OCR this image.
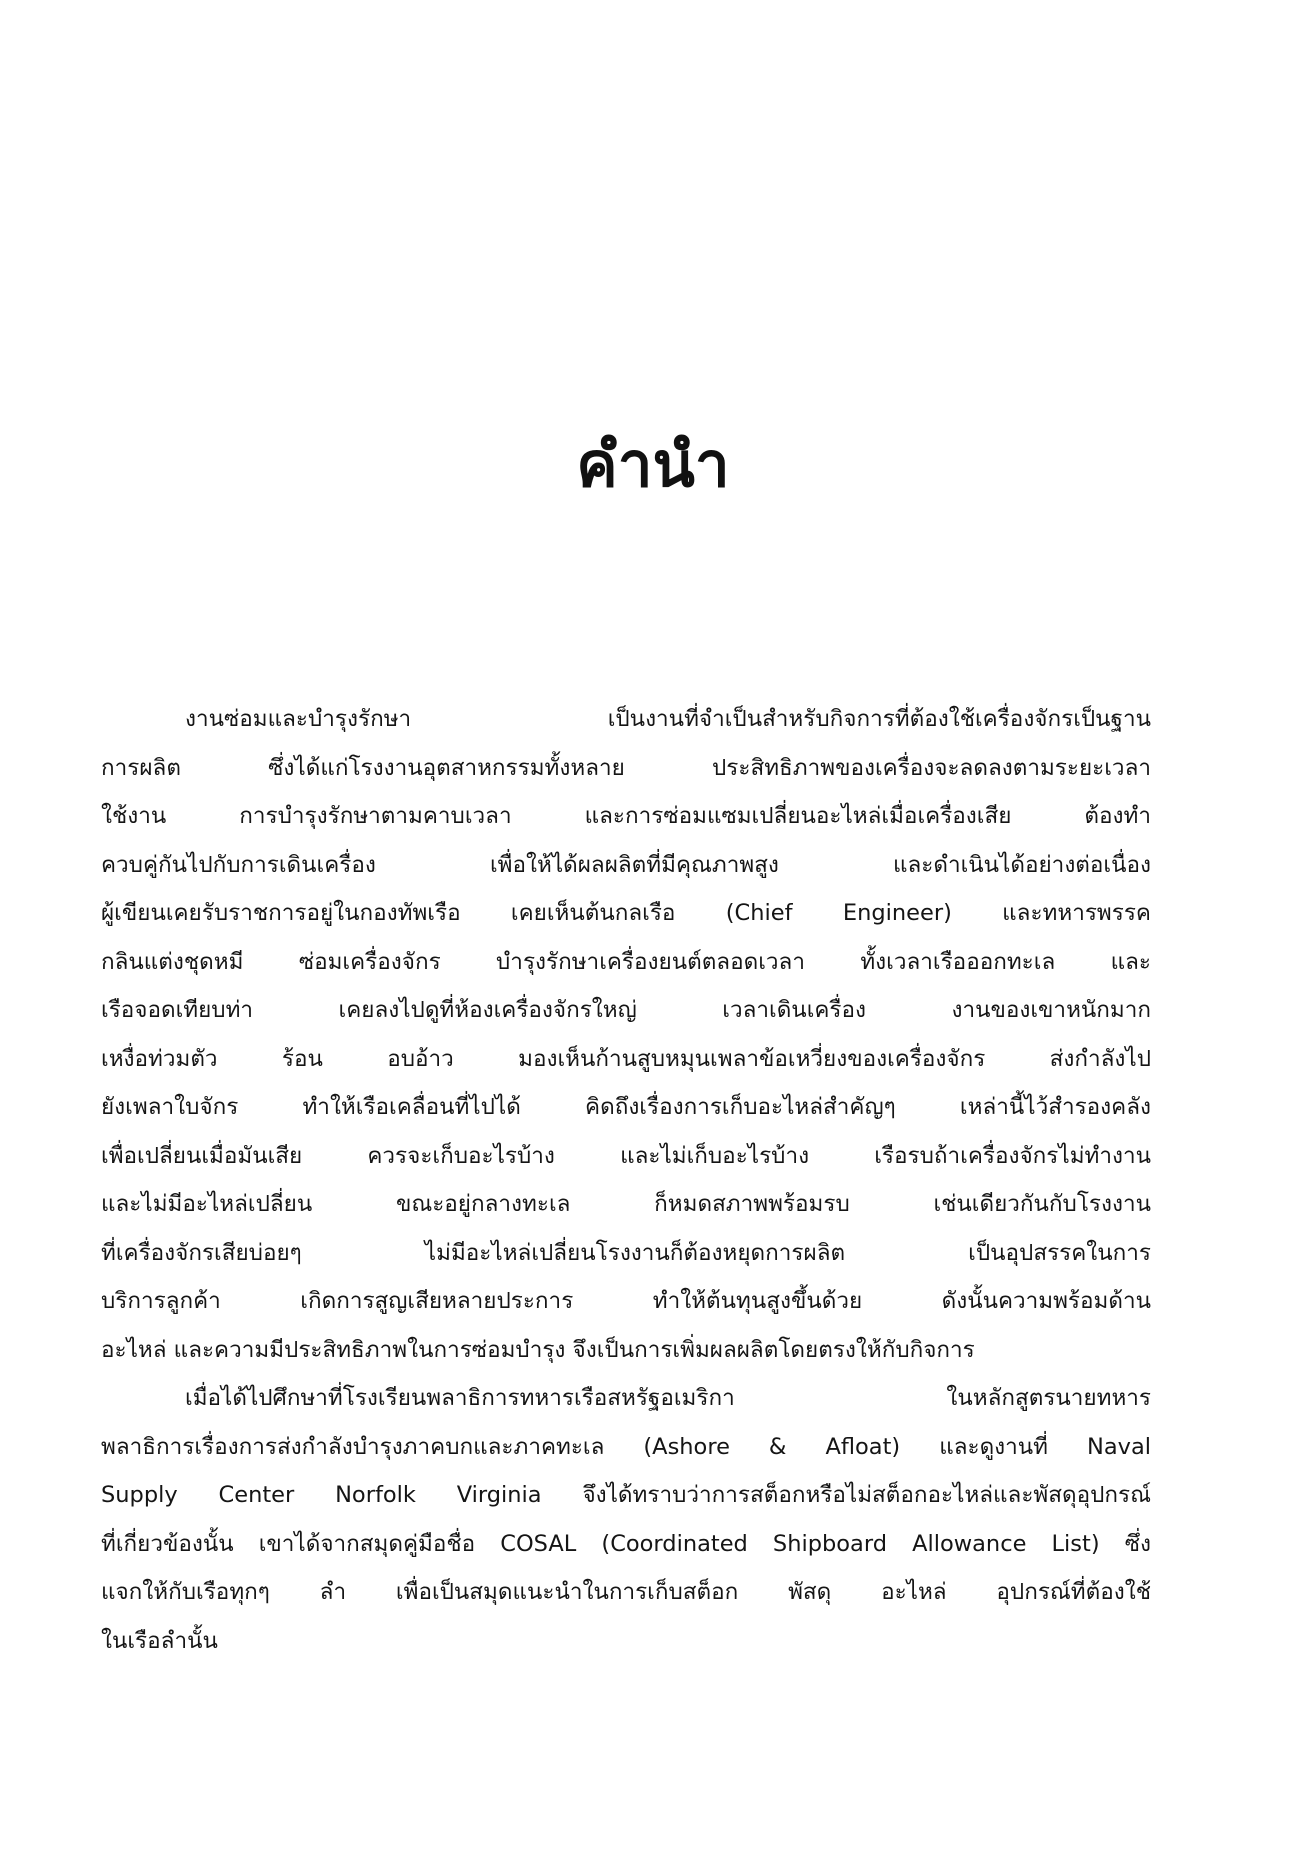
คำนำ
งานซ่อมและบำรุงรักษา เป็นงานที่จำเป็นสำหรับกิจการที่ต้องใช้เครื่องจักรเป็นฐาน
การผลิต ซึ่งได้แก่โรงงานอุตสาหกรรมทั้งหลาย ประสิทธิภาพของเครื่องจะลดลงตามระยะเวลา
ใช้งาน การบำรุงรักษาตามคาบเวลา และการซ่อมแซมเปลี่ยนอะไหล่เมื่อเครื่องเสีย ต้องทำ
ควบคู่กันไปกับการเดินเครื่อง เพื่อให้ได้ผลผลิตที่มีคุณภาพสูง และดำเนินได้อย่างต่อเนื่อง
ผู้เขียนเคยรับราชการอยู่ในกองทัพเรือ เคยเห็นต้นกลเรือ (Chief Engineer) และทหารพรรค
กลินแต่งชุดหมี ซ่อมเครื่องจักร บำรุงรักษาเครื่องยนต์ตลอดเวลา ทั้งเวลาเรือออกทะเล และ
เรือจอดเทียบท่า เคยลงไปดูที่ห้องเครื่องจักรใหญ่ เวลาเดินเครื่อง งานของเขาหนักมาก
เหงื่อท่วมตัว ร้อน อบอ้าว มองเห็นก้านสูบหมุนเพลาข้อเหวี่ยงของเครื่องจักร ส่งกำลังไป
ยังเพลาใบจักร ทำให้เรือเคลื่อนที่ไปได้ คิดถึงเรื่องการเก็บอะไหล่สำคัญๆ เหล่านี้ไว้สำรองคลัง
เพื่อเปลี่ยนเมื่อมันเสีย ควรจะเก็บอะไรบ้าง และไม่เก็บอะไรบ้าง เรือรบถ้าเครื่องจักรไม่ทำงาน
และไม่มีอะไหล่เปลี่ยน ขณะอยู่กลางทะเล ก็หมดสภาพพร้อมรบ เช่นเดียวกันกับโรงงาน
ที่เครื่องจักรเสียบ่อยๆ ไม่มีอะไหล่เปลี่ยนโรงงานก็ต้องหยุดการผลิต เป็นอุปสรรคในการ
บริการลูกค้า เกิดการสูญเสียหลายประการ ทำให้ต้นทุนสูงขึ้นด้วย ดังนั้นความพร้อมด้าน
อะไหล่ และความมีประสิทธิภาพในการซ่อมบำรุง จึงเป็นการเพิ่มผลผลิตโดยตรงให้กับกิจการ
เมื่อได้ไปศึกษาที่โรงเรียนพลาธิการทหารเรือสหรัฐอเมริกา ในหลักสูตรนายทหาร
พลาธิการเรื่องการส่งกำลังบำรุงภาคบกและภาคทะเล (Ashore & Afloat) และดูงานที่ Naval
Supply Center Norfolk Virginia จึงได้ทราบว่าการสต็อกหรือไม่สต็อกอะไหล่และพัสดุอุปกรณ์
ที่เกี่ยวข้องนั้น เขาได้จากสมุดคู่มือชื่อ COSAL (Coordinated Shipboard Allowance List) ซึ่ง
แจกให้กับเรือทุกๆ ลำ เพื่อเป็นสมุดแนะนำในการเก็บสต็อก พัสดุ อะไหล่ อุปกรณ์ที่ต้องใช้
ในเรือลำนั้น
